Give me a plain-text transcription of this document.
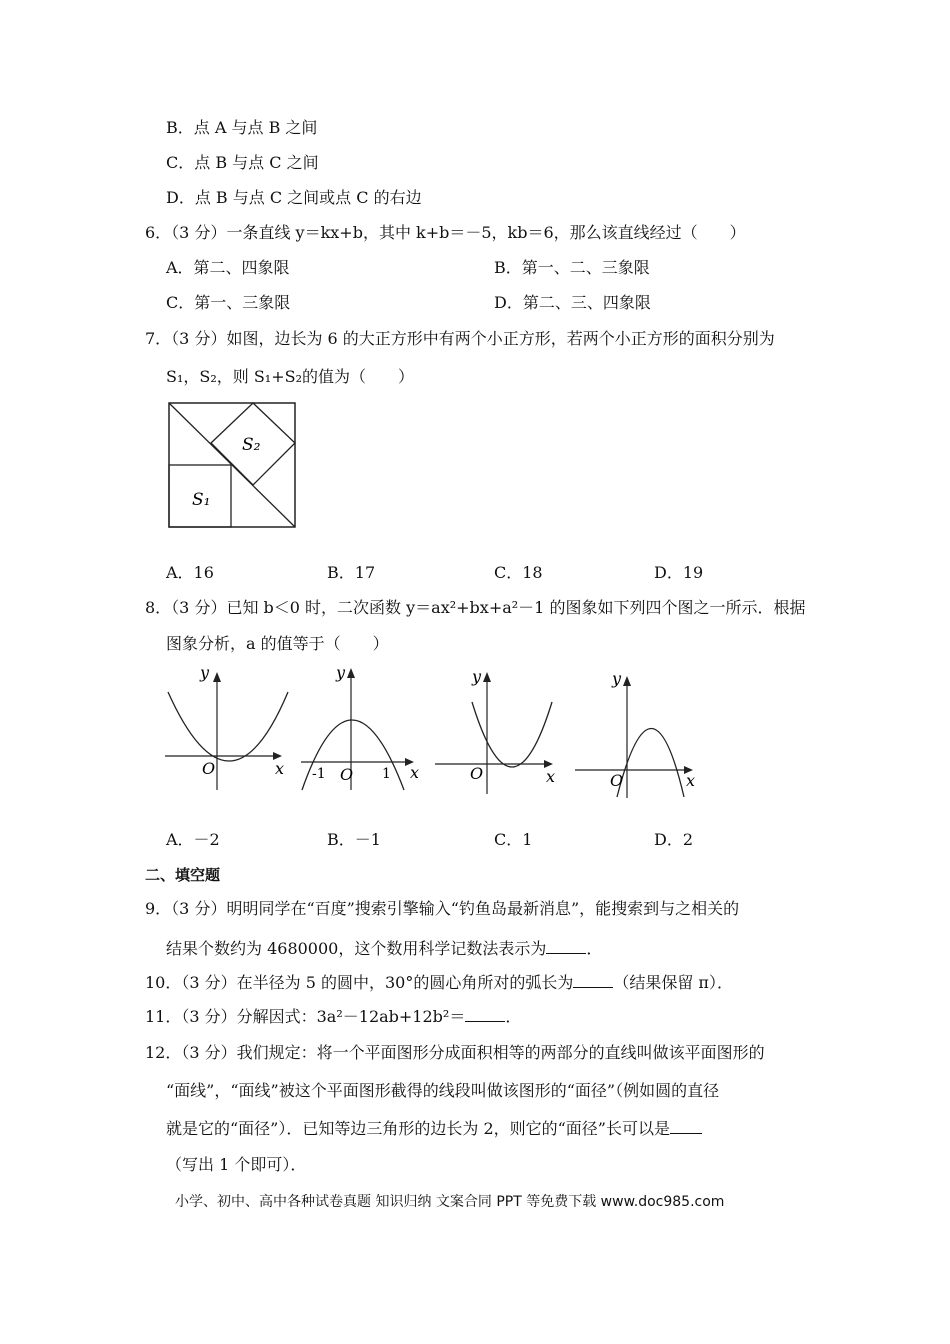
B．点 A 与点 B 之间
C．点 B 与点 C 之间
D．点 B 与点 C 之间或点 C 的右边
6．（3 分）一条直线 y＝kx+b，其中 k+b＝－5，kb＝6，那么该直线经过（　　）
A．第二、四象限	B．第一、二、三象限
C．第一、三象限	D．第二、三、四象限
7．（3 分）如图，边长为 6 的大正方形中有两个小正方形，若两个小正方形的面积分别为
S₁，S₂，则 S₁+S₂的值为（　　）
S₁
S₂
A．16	B．17	C．18	D．19
8．（3 分）已知 b＜0 时，二次函数 y＝ax²+bx+a²－1 的图象如下列四个图之一所示．根据
图象分析，a 的值等于（　　）
y
x
O
y
x
O
-1	1
y
x
O
y
x
O
A．－2	B．－1	C．1	D．2
二、填空题
9．（3 分）明明同学在“百度”搜索引擎输入“钓鱼岛最新消息”，能搜索到与之相关的
结果个数约为 4680000，这个数用科学记数法表示为	．
10．（3 分）在半径为 5 的圆中，30°的圆心角所对的弧长为	（结果保留 π）．
11．（3 分）分解因式：3a²－12ab+12b²＝	．
12．（3 分）我们规定：将一个平面图形分成面积相等的两部分的直线叫做该平面图形的
“面线”，“面线”被这个平面图形截得的线段叫做该图形的“面径”（例如圆的直径
就是它的“面径”）．已知等边三角形的边长为 2，则它的“面径”长可以是
（写出 1 个即可）．
小学、初中、高中各种试卷真题 知识归纳 文案合同 PPT 等免费下载 www.doc985.com
